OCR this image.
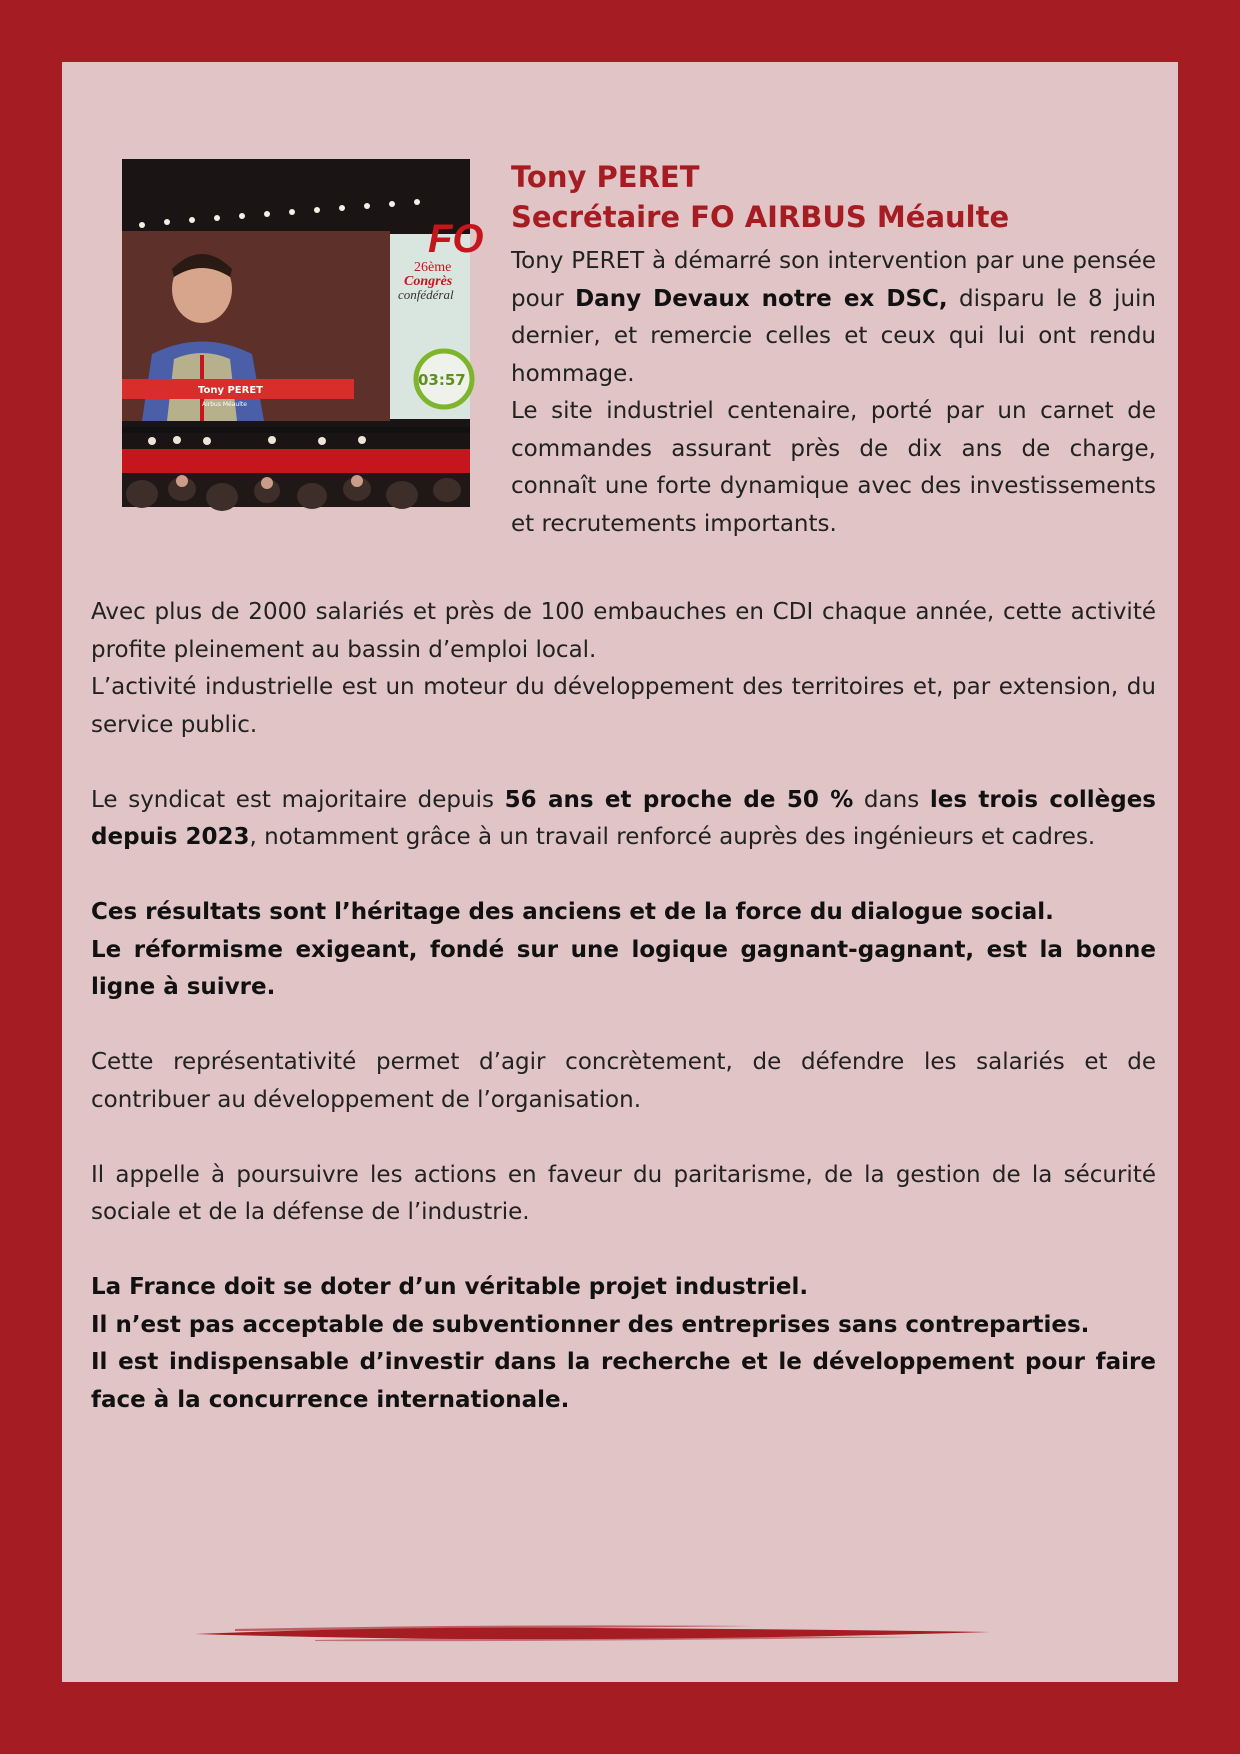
FO
26ème
Congrès
confédéral
03:57
Tony PERET
Airbus Méaulte

Tony PERET

Secrétaire FO AIRBUS Méaulte

Tony PERET à démarré son intervention par une pensée pour Dany Devaux notre ex DSC, disparu le 8 juin dernier, et remercie celles et ceux qui lui ont rendu hommage.

Le site industriel centenaire, porté par un carnet de commandes assurant près de dix ans de charge, connaît une forte dynamique avec des investissements et recrutements importants.

Avec plus de 2000 salariés et près de 100 embauches en CDI chaque année, cette activité profite pleinement au bassin d’emploi local.

L’activité industrielle est un moteur du développement des territoires et, par extension, du service public.

Le syndicat est majoritaire depuis 56 ans et proche de 50 % dans les trois collèges depuis 2023, notamment grâce à un travail renforcé auprès des ingénieurs et cadres.

Ces résultats sont l’héritage des anciens et de la force du dialogue social.

Le réformisme exigeant, fondé sur une logique gagnant-gagnant, est la bonne ligne à suivre.

Cette représentativité permet d’agir concrètement, de défendre les salariés et de contribuer au développement de l’organisation.

Il appelle à poursuivre les actions en faveur du paritarisme, de la gestion de la sécurité sociale et de la défense de l’industrie.

La France doit se doter d’un véritable projet industriel.

Il n’est pas acceptable de subventionner des entreprises sans contreparties.

Il est indispensable d’investir dans la recherche et le développement pour faire face à la concurrence internationale.
